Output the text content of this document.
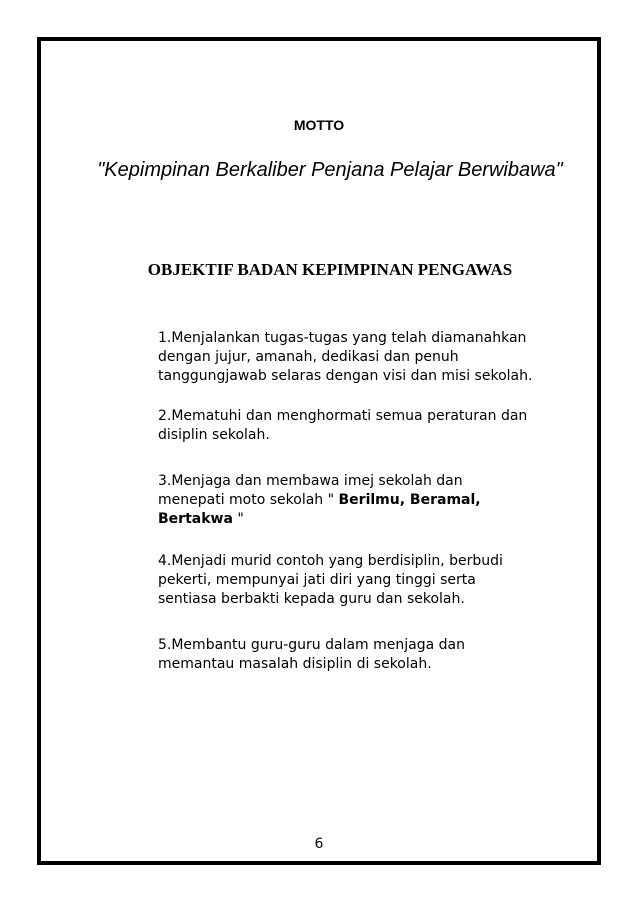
MOTTO
"Kepimpinan Berkaliber Penjana Pelajar Berwibawa"
OBJEKTIF BADAN KEPIMPINAN PENGAWAS
1.Menjalankan tugas-tugas yang telah diamanahkan dengan jujur, amanah, dedikasi dan penuh tanggungjawab selaras dengan visi dan misi sekolah.
2.Mematuhi dan menghormati semua peraturan dan disiplin sekolah.
3.Menjaga dan membawa imej sekolah dan menepati moto sekolah " Berilmu, Beramal, Bertakwa "
4.Menjadi murid contoh yang berdisiplin, berbudi pekerti, mempunyai jati diri yang tinggi serta sentiasa berbakti kepada guru dan sekolah.
5.Membantu guru-guru dalam menjaga dan memantau masalah disiplin di sekolah.
6
